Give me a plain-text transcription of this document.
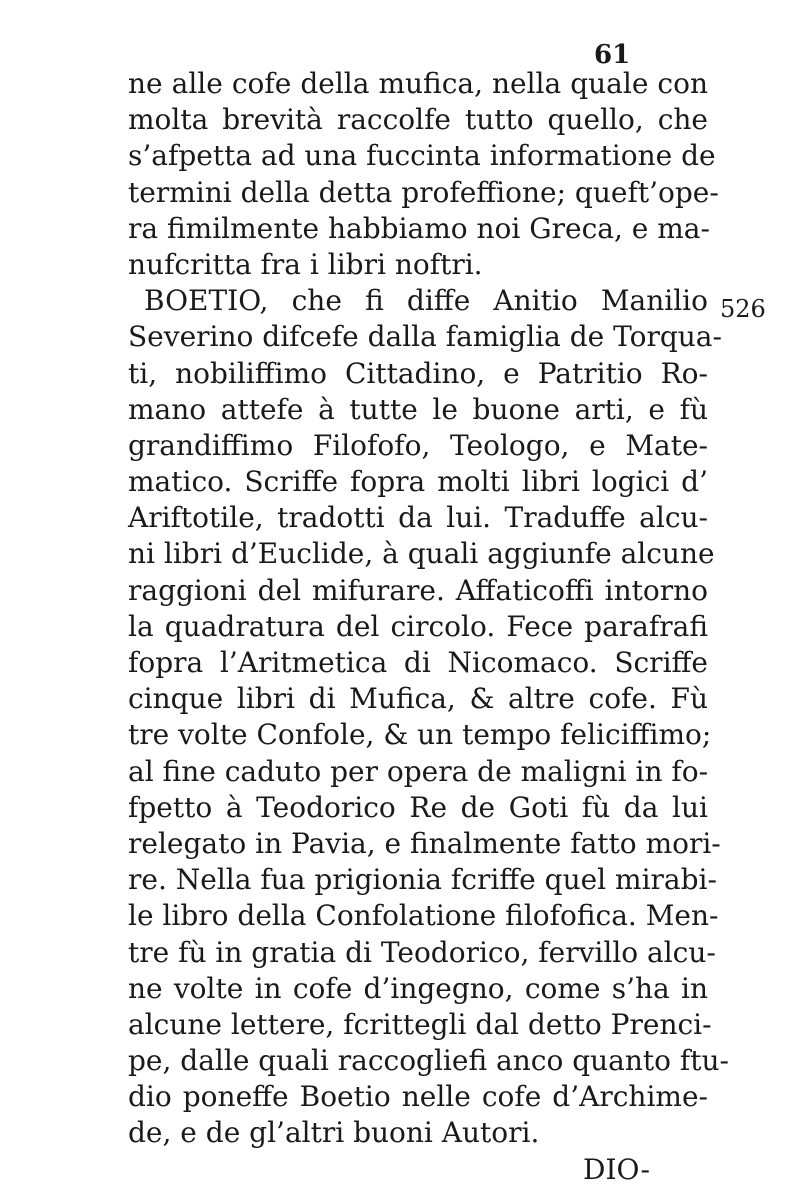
61
526
ne alle cofe della mufica, nella quale con
molta brevità raccolfe tutto quello, che
s’afpetta ad una fuccinta informatione de
termini della detta profeffione; queft’ope-
ra fimilmente habbiamo noi Greca, e ma-
nufcritta fra i libri noftri.
BOETIO, che fi diffe Anitio Manilio
Severino difcefe dalla famiglia de Torqua-
ti, nobiliffimo Cittadino, e Patritio Ro-
mano attefe à tutte le buone arti, e fù
grandiffimo Filofofo, Teologo, e Mate-
matico. Scriffe fopra molti libri logici d’
Ariftotile, tradotti da lui. Traduffe alcu-
ni libri d’Euclide, à quali aggiunfe alcune
raggioni del mifurare. Affaticoffi intorno
la quadratura del circolo. Fece parafrafi
fopra l’Aritmetica di Nicomaco. Scriffe
cinque libri di Mufica, & altre cofe. Fù
tre volte Confole, & un tempo feliciffimo;
al fine caduto per opera de maligni in fo-
fpetto à Teodorico Re de Goti fù da lui
relegato in Pavia, e finalmente fatto mori-
re. Nella fua prigionia fcriffe quel mirabi-
le libro della Confolatione filofofica. Men-
tre fù in gratia di Teodorico, fervillo alcu-
ne volte in cofe d’ingegno, come s’ha in
alcune lettere, fcrittegli dal detto Prenci-
pe, dalle quali raccogliefi anco quanto ftu-
dio poneffe Boetio nelle cofe d’Archime-
de, e de gl’altri buoni Autori.
DIO-
